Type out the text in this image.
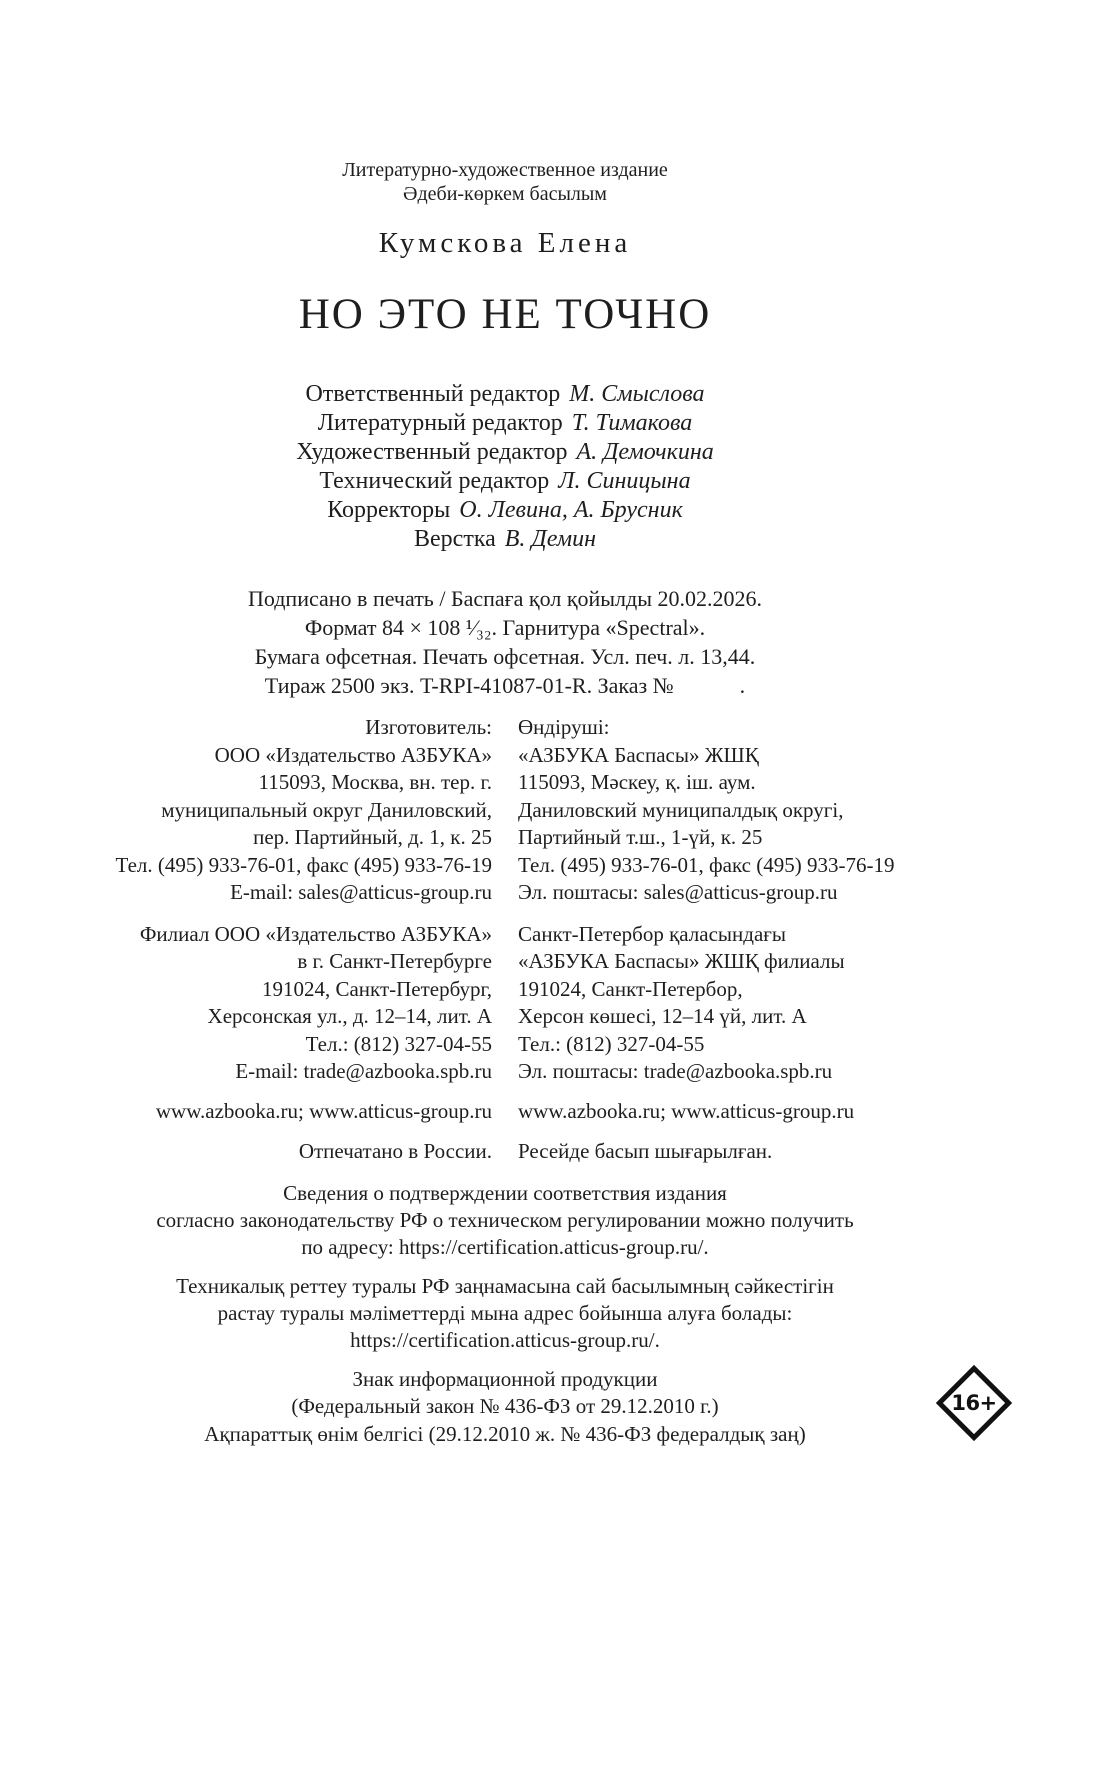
Литературно-художественное издание
Әдеби-көркем басылым
Кумскова Елена
НО ЭТО НЕ ТОЧНО
Ответственный редактор М. Смыслова
Литературный редактор Т. Тимакова
Художественный редактор А. Демочкина
Технический редактор Л. Синицына
Корректоры О. Левина, А. Брусник
Верстка В. Демин
Подписано в печать / Баспаға қол қойылды 20.02.2026.
Формат 84 × 108 ¹⁄₃₂. Гарнитура «Spectral».
Бумага офсетная. Печать офсетная. Усл. печ. л. 13,44.
Тираж 2500 экз. T-RPI-41087-01-R. Заказ №            .
Изготовитель:
ООО «Издательство АЗБУКА»
115093, Москва, вн. тер. г.
муниципальный округ Даниловский,
пер. Партийный, д. 1, к. 25
Тел. (495) 933-76-01, факс (495) 933-76-19
E-mail: sales@atticus-group.ru
Филиал ООО «Издательство АЗБУКА»
в г. Санкт-Петербурге
191024, Санкт-Петербург,
Херсонская ул., д. 12–14, лит. А
Тел.: (812) 327-04-55
E-mail: trade@azbooka.spb.ru
www.azbooka.ru; www.atticus-group.ru
Отпечатано в России.
Өндіруші:
«АЗБУКА Баспасы» ЖШҚ
115093, Мәскеу, қ. іш. аум.
Даниловский муниципалдық округі,
Партийный т.ш., 1-үй, к. 25
Тел. (495) 933-76-01, факс (495) 933-76-19
Эл. поштасы: sales@atticus-group.ru
Санкт-Петербор қаласындағы
«АЗБУКА Баспасы» ЖШҚ филиалы
191024, Санкт-Петербор,
Херсон көшесі, 12–14 үй, лит. А
Тел.: (812) 327-04-55
Эл. поштасы: trade@azbooka.spb.ru
www.azbooka.ru; www.atticus-group.ru
Ресейде басып шығарылған.
Сведения о подтверждении соответствия издания
согласно законодательству РФ о техническом регулировании можно получить
по адресу: https://certification.atticus-group.ru/.
Техникалық реттеу туралы РФ заңнамасына сай басылымның сәйкестігін
растау туралы мәліметтерді мына адрес бойынша алуға болады:
https://certification.atticus-group.ru/.
Знак информационной продукции
(Федеральный закон № 436-ФЗ от 29.12.2010 г.)
Ақпараттық өнім белгісі (29.12.2010 ж. № 436-ФЗ федералдық заң)
16+
